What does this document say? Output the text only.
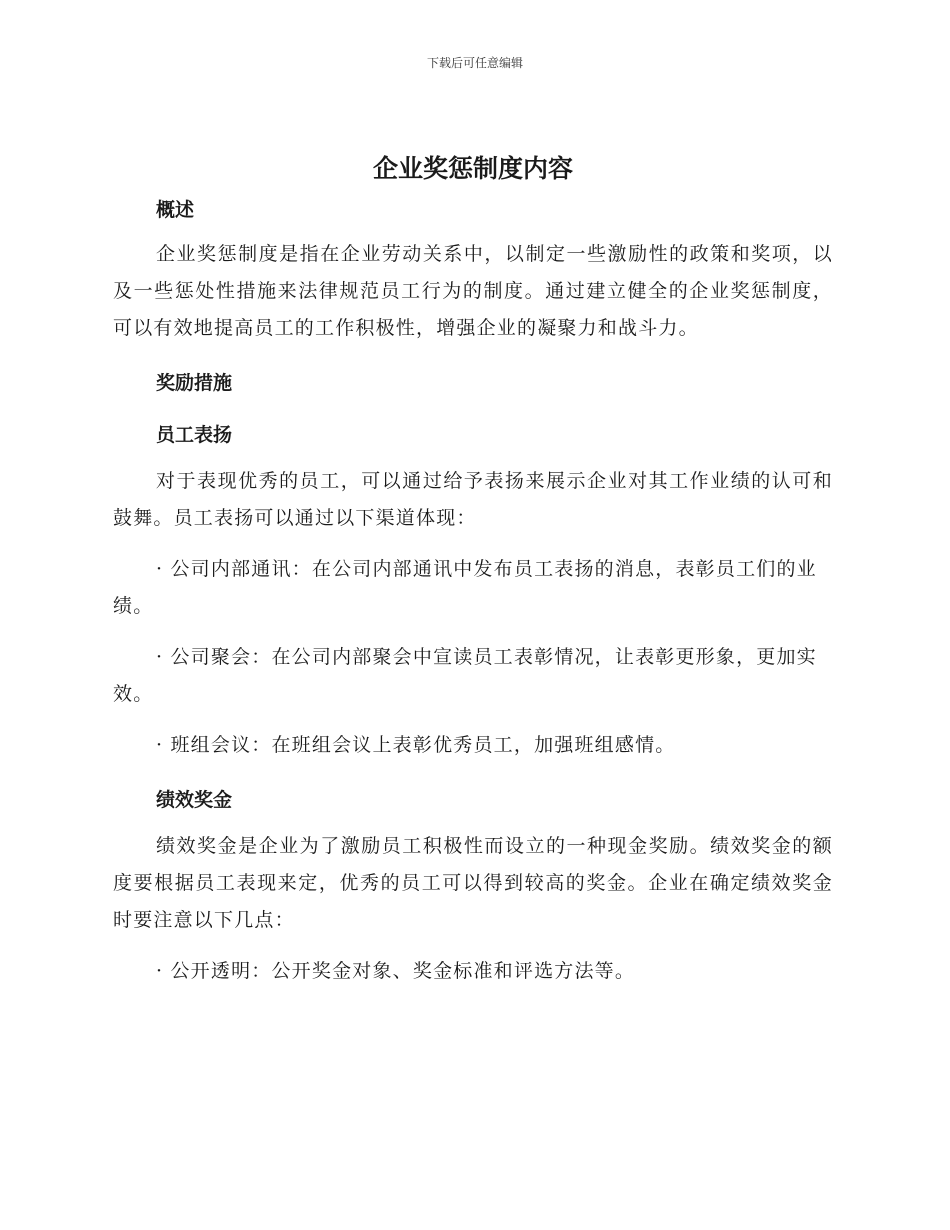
下载后可任意编辑
企业奖惩制度内容
概述

企业奖惩制度是指在企业劳动关系中，以制定一些激励性的政策和奖项，以及一些惩处性措施来法律规范员工行为的制度。通过建立健全的企业奖惩制度，可以有效地提高员工的工作积极性，增强企业的凝聚力和战斗力。

奖励措施
员工表扬

对于表现优秀的员工，可以通过给予表扬来展示企业对其工作业绩的认可和鼓舞。员工表扬可以通过以下渠道体现：

· 公司内部通讯：在公司内部通讯中发布员工表扬的消息，表彰员工们的业绩。

· 公司聚会：在公司内部聚会中宣读员工表彰情况，让表彰更形象，更加实效。

· 班组会议：在班组会议上表彰优秀员工，加强班组感情。

绩效奖金

绩效奖金是企业为了激励员工积极性而设立的一种现金奖励。绩效奖金的额度要根据员工表现来定，优秀的员工可以得到较高的奖金。企业在确定绩效奖金时要注意以下几点：

· 公开透明：公开奖金对象、奖金标准和评选方法等。
